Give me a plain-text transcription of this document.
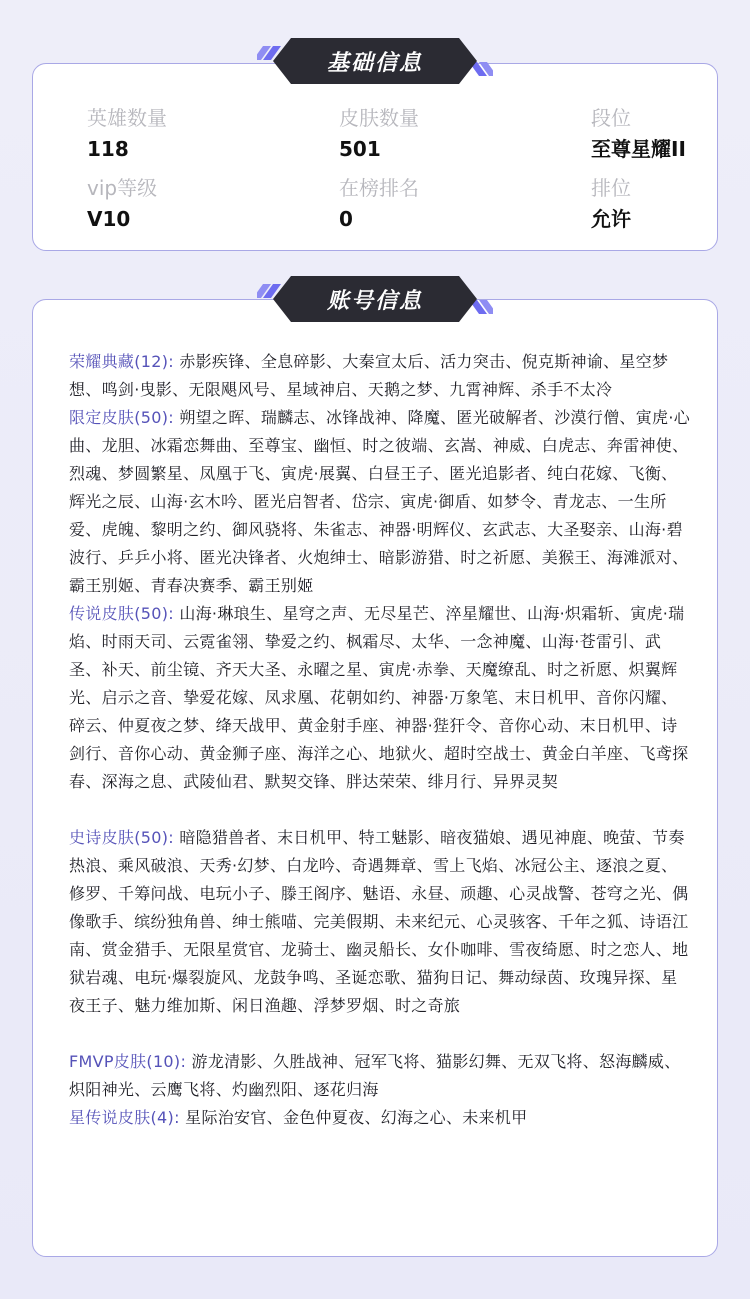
英雄数量
118
皮肤数量
501
段位
至尊星耀II
vip等级
V10
在榜排名
0
排位
允许
荣耀典藏(12): 赤影疾锋、全息碎影、大秦宣太后、活力突击、倪克斯神谕、星空梦想、鸣剑·曳影、无限飓风号、星域神启、天鹅之梦、九霄神辉、杀手不太冷
限定皮肤(50): 朔望之晖、瑞麟志、冰锋战神、降魔、匿光破解者、沙漠行僧、寅虎·心曲、龙胆、冰霜恋舞曲、至尊宝、幽恒、时之彼端、玄嵩、神威、白虎志、奔雷神使、烈魂、梦圆繁星、凤凰于飞、寅虎·展翼、白昼王子、匿光追影者、纯白花嫁、飞衡、辉光之辰、山海·玄木吟、匿光启智者、岱宗、寅虎·御盾、如梦令、青龙志、一生所爱、虎魄、黎明之约、御风骁将、朱雀志、神器·明辉仪、玄武志、大圣娶亲、山海·碧波行、乒乒小将、匿光决锋者、火炮绅士、暗影游猎、时之祈愿、美猴王、海滩派对、霸王别姬、青春决赛季、霸王别姬
传说皮肤(50): 山海·琳琅生、星穹之声、无尽星芒、淬星耀世、山海·炽霜斩、寅虎·瑞焰、时雨天司、云霓雀翎、挚爱之约、枫霜尽、太华、一念神魔、山海·苍雷引、武圣、补天、前尘镜、齐天大圣、永曜之星、寅虎·赤拳、天魔缭乱、时之祈愿、炽翼辉光、启示之音、挚爱花嫁、凤求凰、花朝如约、神器·万象笔、末日机甲、音你闪耀、碎云、仲夏夜之梦、绛天战甲、黄金射手座、神器·狴犴令、音你心动、末日机甲、诗剑行、音你心动、黄金狮子座、海洋之心、地狱火、超时空战士、黄金白羊座、飞鸢探春、深海之息、武陵仙君、默契交锋、胖达荣荣、绯月行、异界灵契
史诗皮肤(50): 暗隐猎兽者、末日机甲、特工魅影、暗夜猫娘、遇见神鹿、晚萤、节奏热浪、乘风破浪、天秀·幻梦、白龙吟、奇遇舞章、雪上飞焰、冰冠公主、逐浪之夏、修罗、千筹问战、电玩小子、滕王阁序、魅语、永昼、顽趣、心灵战警、苍穹之光、偶像歌手、缤纷独角兽、绅士熊喵、完美假期、未来纪元、心灵骇客、千年之狐、诗语江南、赏金猎手、无限星赏官、龙骑士、幽灵船长、女仆咖啡、雪夜绮愿、时之恋人、地狱岩魂、电玩·爆裂旋风、龙鼓争鸣、圣诞恋歌、猫狗日记、舞动绿茵、玫瑰异探、星夜王子、魅力维加斯、闲日渔趣、浮梦罗烟、时之奇旅
FMVP皮肤(10): 游龙清影、久胜战神、冠军飞将、猫影幻舞、无双飞将、怒海麟威、炽阳神光、云鹰飞将、灼幽烈阳、逐花归海
星传说皮肤(4): 星际治安官、金色仲夏夜、幻海之心、未来机甲
基础信息
账号信息
